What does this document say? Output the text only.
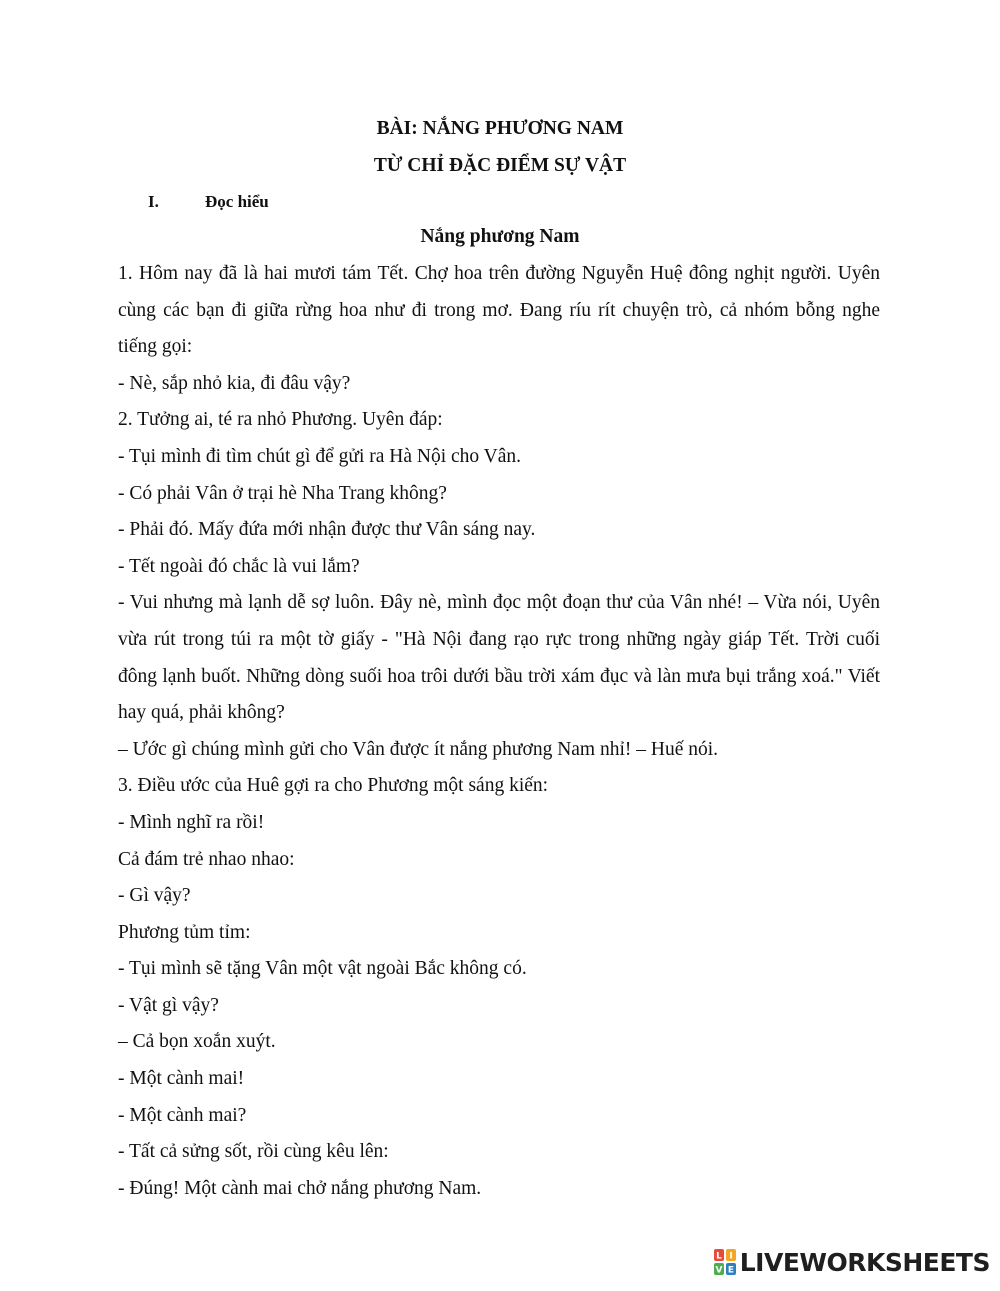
BÀI: NẮNG PHƯƠNG NAM
TỪ CHỈ ĐẶC ĐIỂM SỰ VẬT
I.	Đọc hiểu
Nắng phương Nam

1. Hôm nay đã là hai mươi tám Tết. Chợ hoa trên đường Nguyễn Huệ đông nghịt người. Uyên cùng các bạn đi giữa rừng hoa như đi trong mơ. Đang ríu rít chuyện trò, cả nhóm bỗng nghe tiếng gọi:

- Nè, sắp nhỏ kia, đi đâu vậy?

2. Tưởng ai, té ra nhỏ Phương. Uyên đáp:

- Tụi mình đi tìm chút gì để gửi ra Hà Nội cho Vân.

- Có phải Vân ở trại hè Nha Trang không?

- Phải đó. Mấy đứa mới nhận được thư Vân sáng nay.

- Tết ngoài đó chắc là vui lắm?

- Vui nhưng mà lạnh dễ sợ luôn. Đây nè, mình đọc một đoạn thư của Vân nhé! – Vừa nói, Uyên vừa rút trong túi ra một tờ giấy - "Hà Nội đang rạo rực trong những ngày giáp Tết. Trời cuối đông lạnh buốt. Những dòng suối hoa trôi dưới bầu trời xám đục và làn mưa bụi trắng xoá." Viết hay quá, phải không?

– Ước gì chúng mình gửi cho Vân được ít nắng phương Nam nhỉ! – Huế nói.

3. Điều ước của Huê gợi ra cho Phương một sáng kiến:

- Mình nghĩ ra rồi!

Cả đám trẻ nhao nhao:

- Gì vậy?

Phương tủm tỉm:

- Tụi mình sẽ tặng Vân một vật ngoài Bắc không có.

- Vật gì vậy?

– Cả bọn xoắn xuýt.

- Một cành mai!

- Một cành mai?

- Tất cả sửng sốt, rồi cùng kêu lên:

- Đúng! Một cành mai chở nắng phương Nam.

L I
V E LIVEWORKSHEETS
